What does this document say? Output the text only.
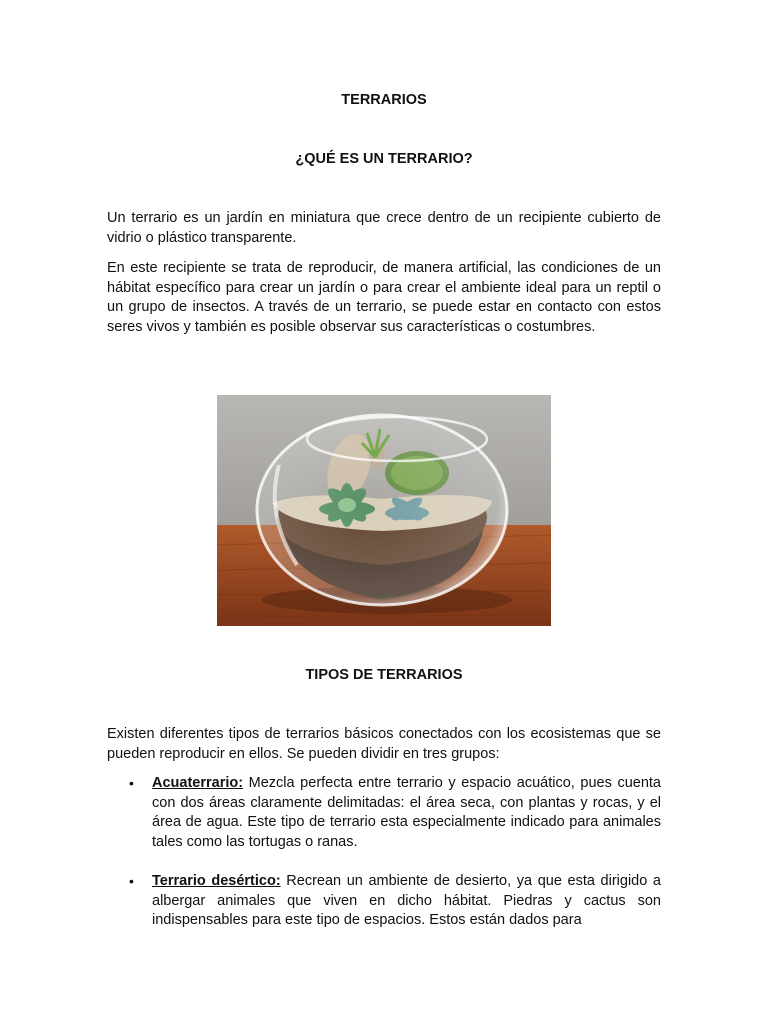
TERRARIOS
¿QUÉ ES UN TERRARIO?

Un terrario es un jardín en miniatura que crece dentro de un recipiente cubierto de vidrio o plástico transparente.

En este recipiente se trata de reproducir, de manera artificial, las condiciones de un hábitat específico para crear un jardín o para crear el ambiente ideal para un reptil o un grupo de insectos. A través de un terrario, se puede estar en contacto con estos seres vivos y también es posible observar sus características o costumbres.

TIPOS DE TERRARIOS

Existen diferentes tipos de terrarios básicos conectados con los ecosistemas que se pueden reproducir en ellos. Se pueden dividir en tres grupos:

• Acuaterrario: Mezcla perfecta entre terrario y espacio acuático, pues cuenta con dos áreas claramente delimitadas: el área seca, con plantas y rocas, y el área de agua. Este tipo de terrario esta especialmente indicado para animales tales como las tortugas o ranas.
• Terrario desértico: Recrean un ambiente de desierto, ya que esta dirigido a albergar animales que viven en dicho hábitat. Piedras y cactus son indispensables para este tipo de espacios. Estos están dados para
